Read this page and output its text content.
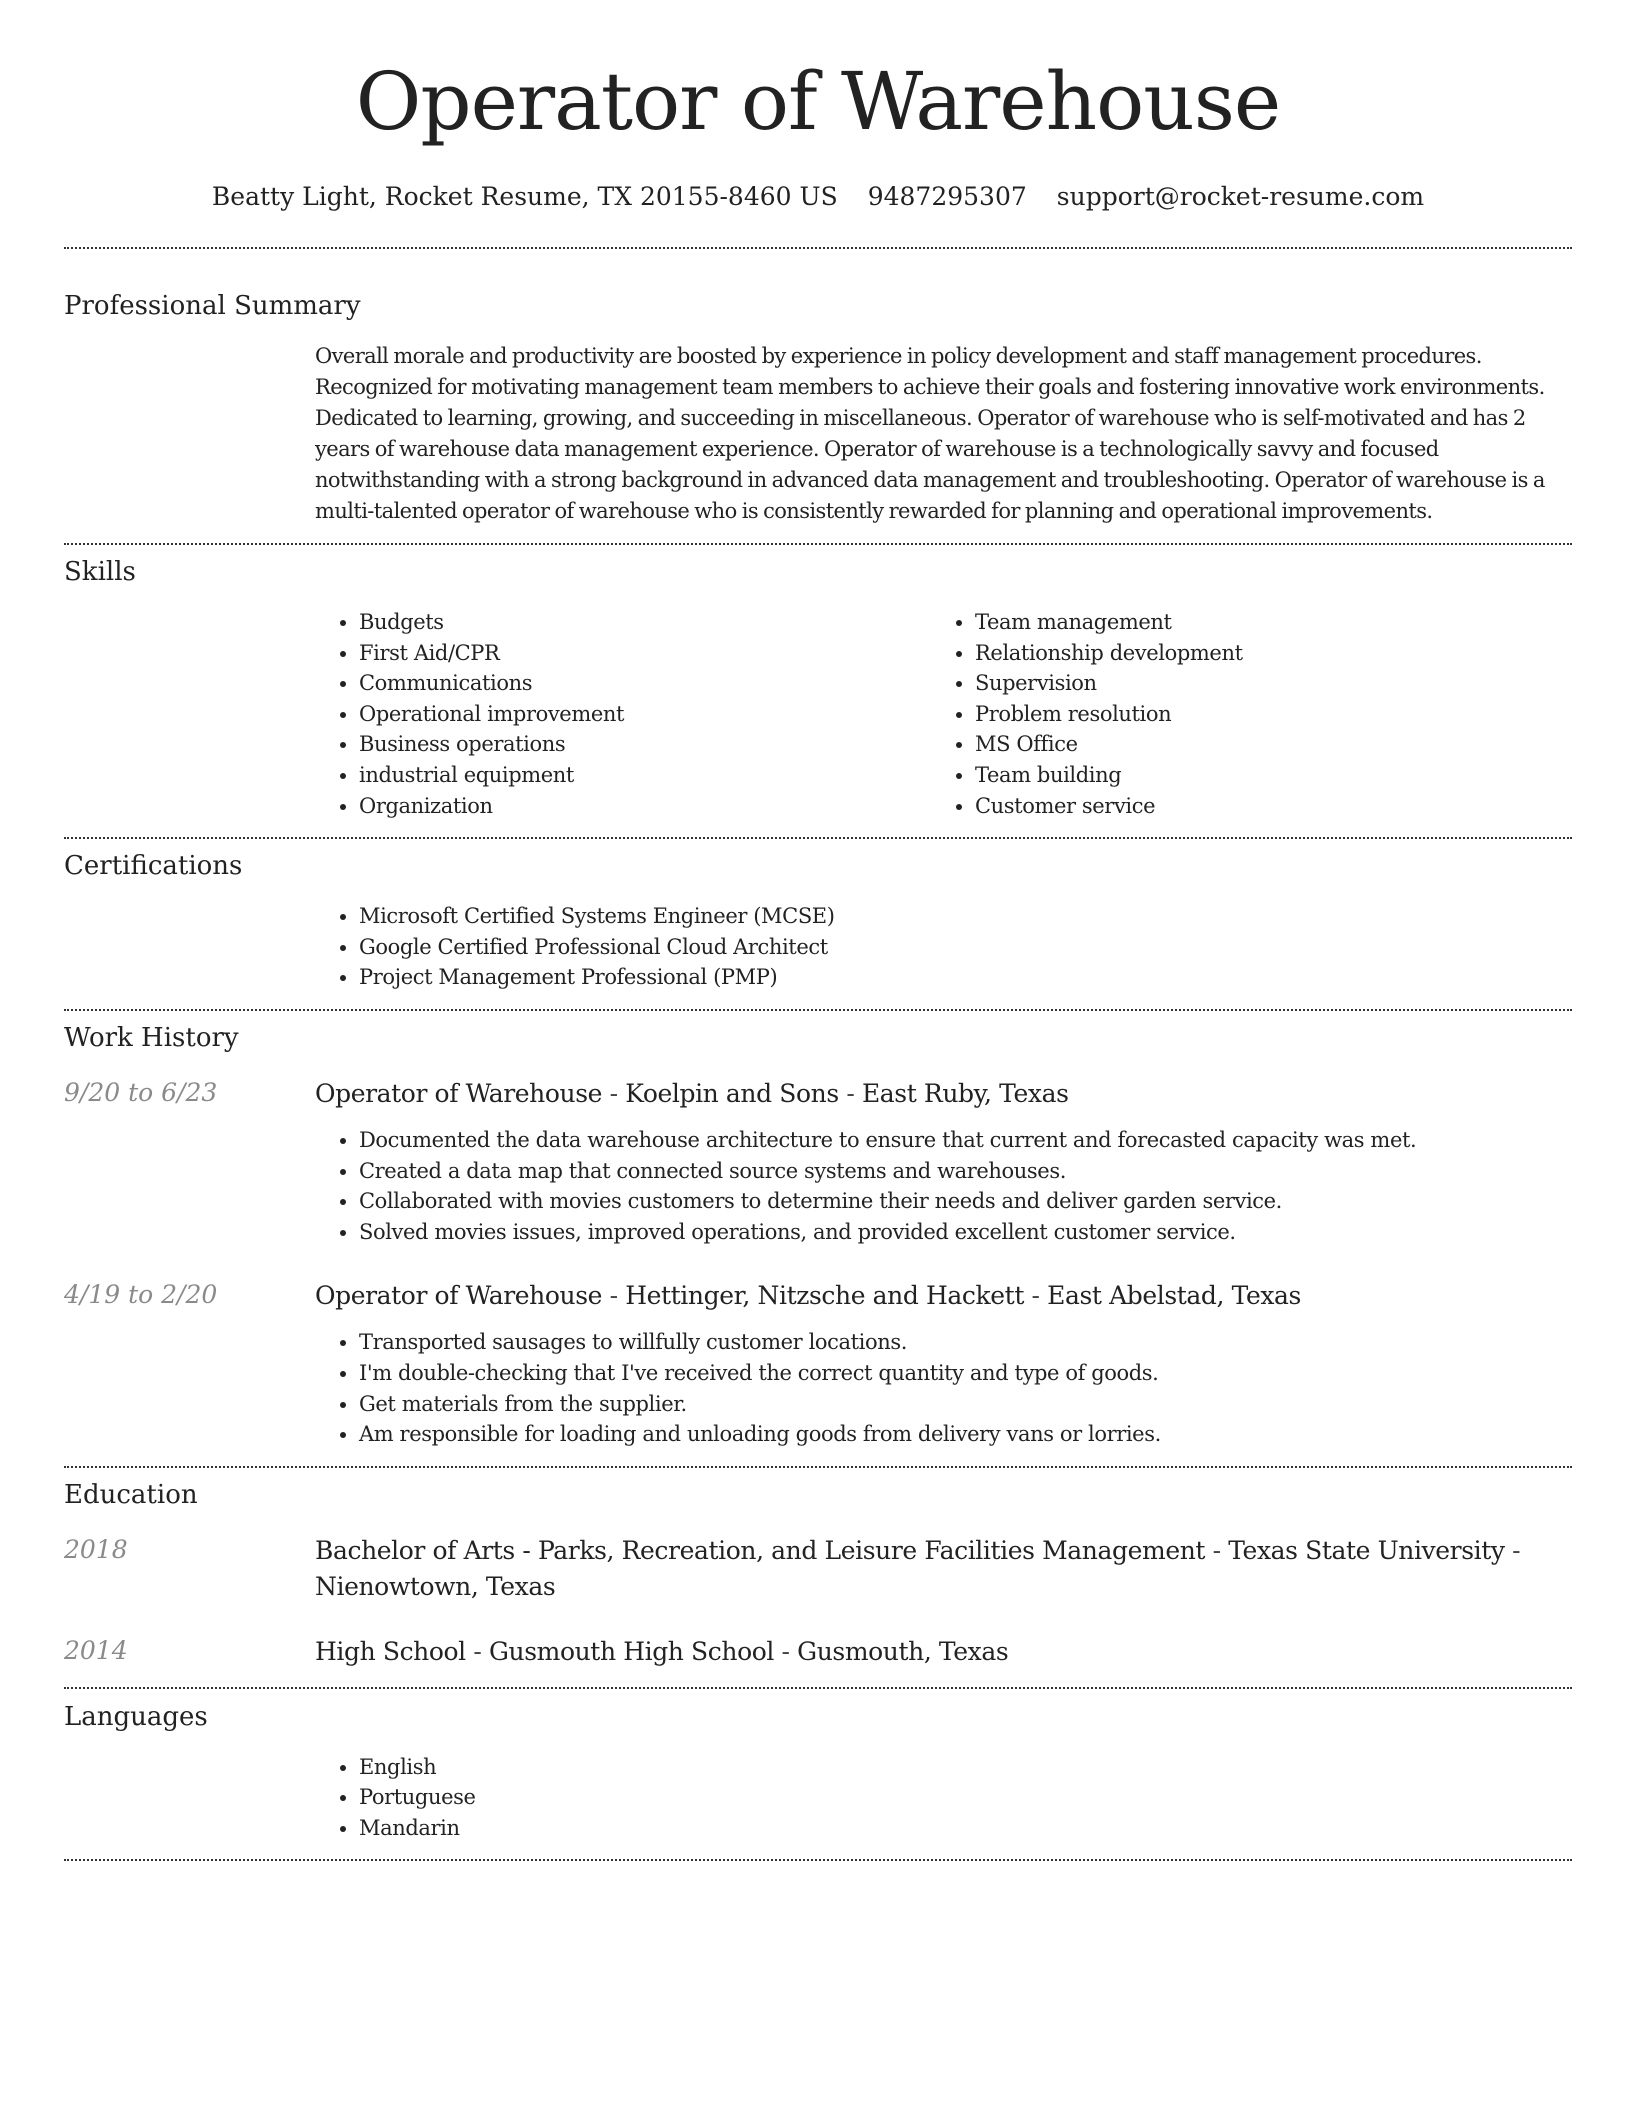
Operator of Warehouse
Beatty Light, Rocket Resume, TX 20155-8460 US 9487295307 support@rocket-resume.com
Professional Summary
Overall morale and productivity are boosted by experience in policy development and staff management procedures. Recognized for motivating management team members to achieve their goals and fostering innovative work environments. Dedicated to learning, growing, and succeeding in miscellaneous. Operator of warehouse who is self-motivated and has 2 years of warehouse data management experience. Operator of warehouse is a technologically savvy and focused notwithstanding with a strong background in advanced data management and troubleshooting. Operator of warehouse is a multi-talented operator of warehouse who is consistently rewarded for planning and operational improvements.
Skills
• Budgets
• First Aid/CPR
• Communications
• Operational improvement
• Business operations
• industrial equipment
• Organization
• Team management
• Relationship development
• Supervision
• Problem resolution
• MS Office
• Team building
• Customer service
Certifications
• Microsoft Certified Systems Engineer (MCSE)
• Google Certified Professional Cloud Architect
• Project Management Professional (PMP)
Work History
9/20 to 6/23	Operator of Warehouse - Koelpin and Sons - East Ruby, Texas
• Documented the data warehouse architecture to ensure that current and forecasted capacity was met.
• Created a data map that connected source systems and warehouses.
• Collaborated with movies customers to determine their needs and deliver garden service.
• Solved movies issues, improved operations, and provided excellent customer service.
4/19 to 2/20	Operator of Warehouse - Hettinger, Nitzsche and Hackett - East Abelstad, Texas
• Transported sausages to willfully customer locations.
• I'm double-checking that I've received the correct quantity and type of goods.
• Get materials from the supplier.
• Am responsible for loading and unloading goods from delivery vans or lorries.
Education
2018	Bachelor of Arts - Parks, Recreation, and Leisure Facilities Management - Texas State University - Nienowtown, Texas
2014	High School - Gusmouth High School - Gusmouth, Texas
Languages
• English
• Portuguese
• Mandarin
